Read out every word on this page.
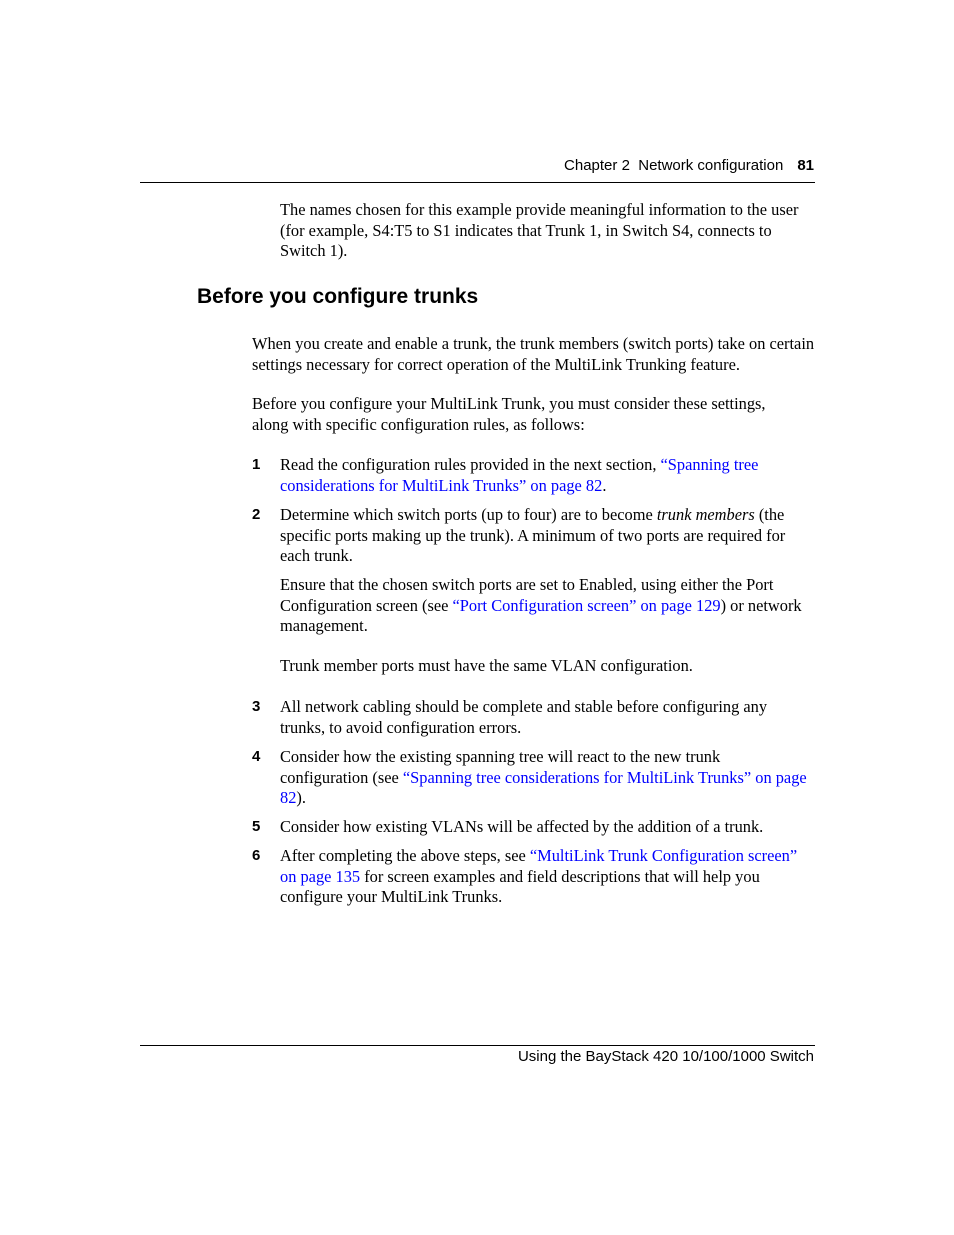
Chapter 2  Network configuration 81
The names chosen for this example provide meaningful information to the user (for example, S4:T5 to S1 indicates that Trunk 1, in Switch S4, connects to Switch 1).
Before you configure trunks
When you create and enable a trunk, the trunk members (switch ports) take on certain settings necessary for correct operation of the MultiLink Trunking feature.
Before you configure your MultiLink Trunk, you must consider these settings, along with specific configuration rules, as follows:
1 Read the configuration rules provided in the next section, “Spanning tree considerations for MultiLink Trunks” on page 82.
2 Determine which switch ports (up to four) are to become trunk members (the specific ports making up the trunk). A minimum of two ports are required for each trunk.
Ensure that the chosen switch ports are set to Enabled, using either the Port Configuration screen (see “Port Configuration screen” on page 129) or network management.
Trunk member ports must have the same VLAN configuration.
3 All network cabling should be complete and stable before configuring any trunks, to avoid configuration errors.
4 Consider how the existing spanning tree will react to the new trunk configuration (see “Spanning tree considerations for MultiLink Trunks” on page 82).
5 Consider how existing VLANs will be affected by the addition of a trunk.
6 After completing the above steps, see “MultiLink Trunk Configuration screen” on page 135 for screen examples and field descriptions that will help you configure your MultiLink Trunks.
Using the BayStack 420 10/100/1000 Switch
